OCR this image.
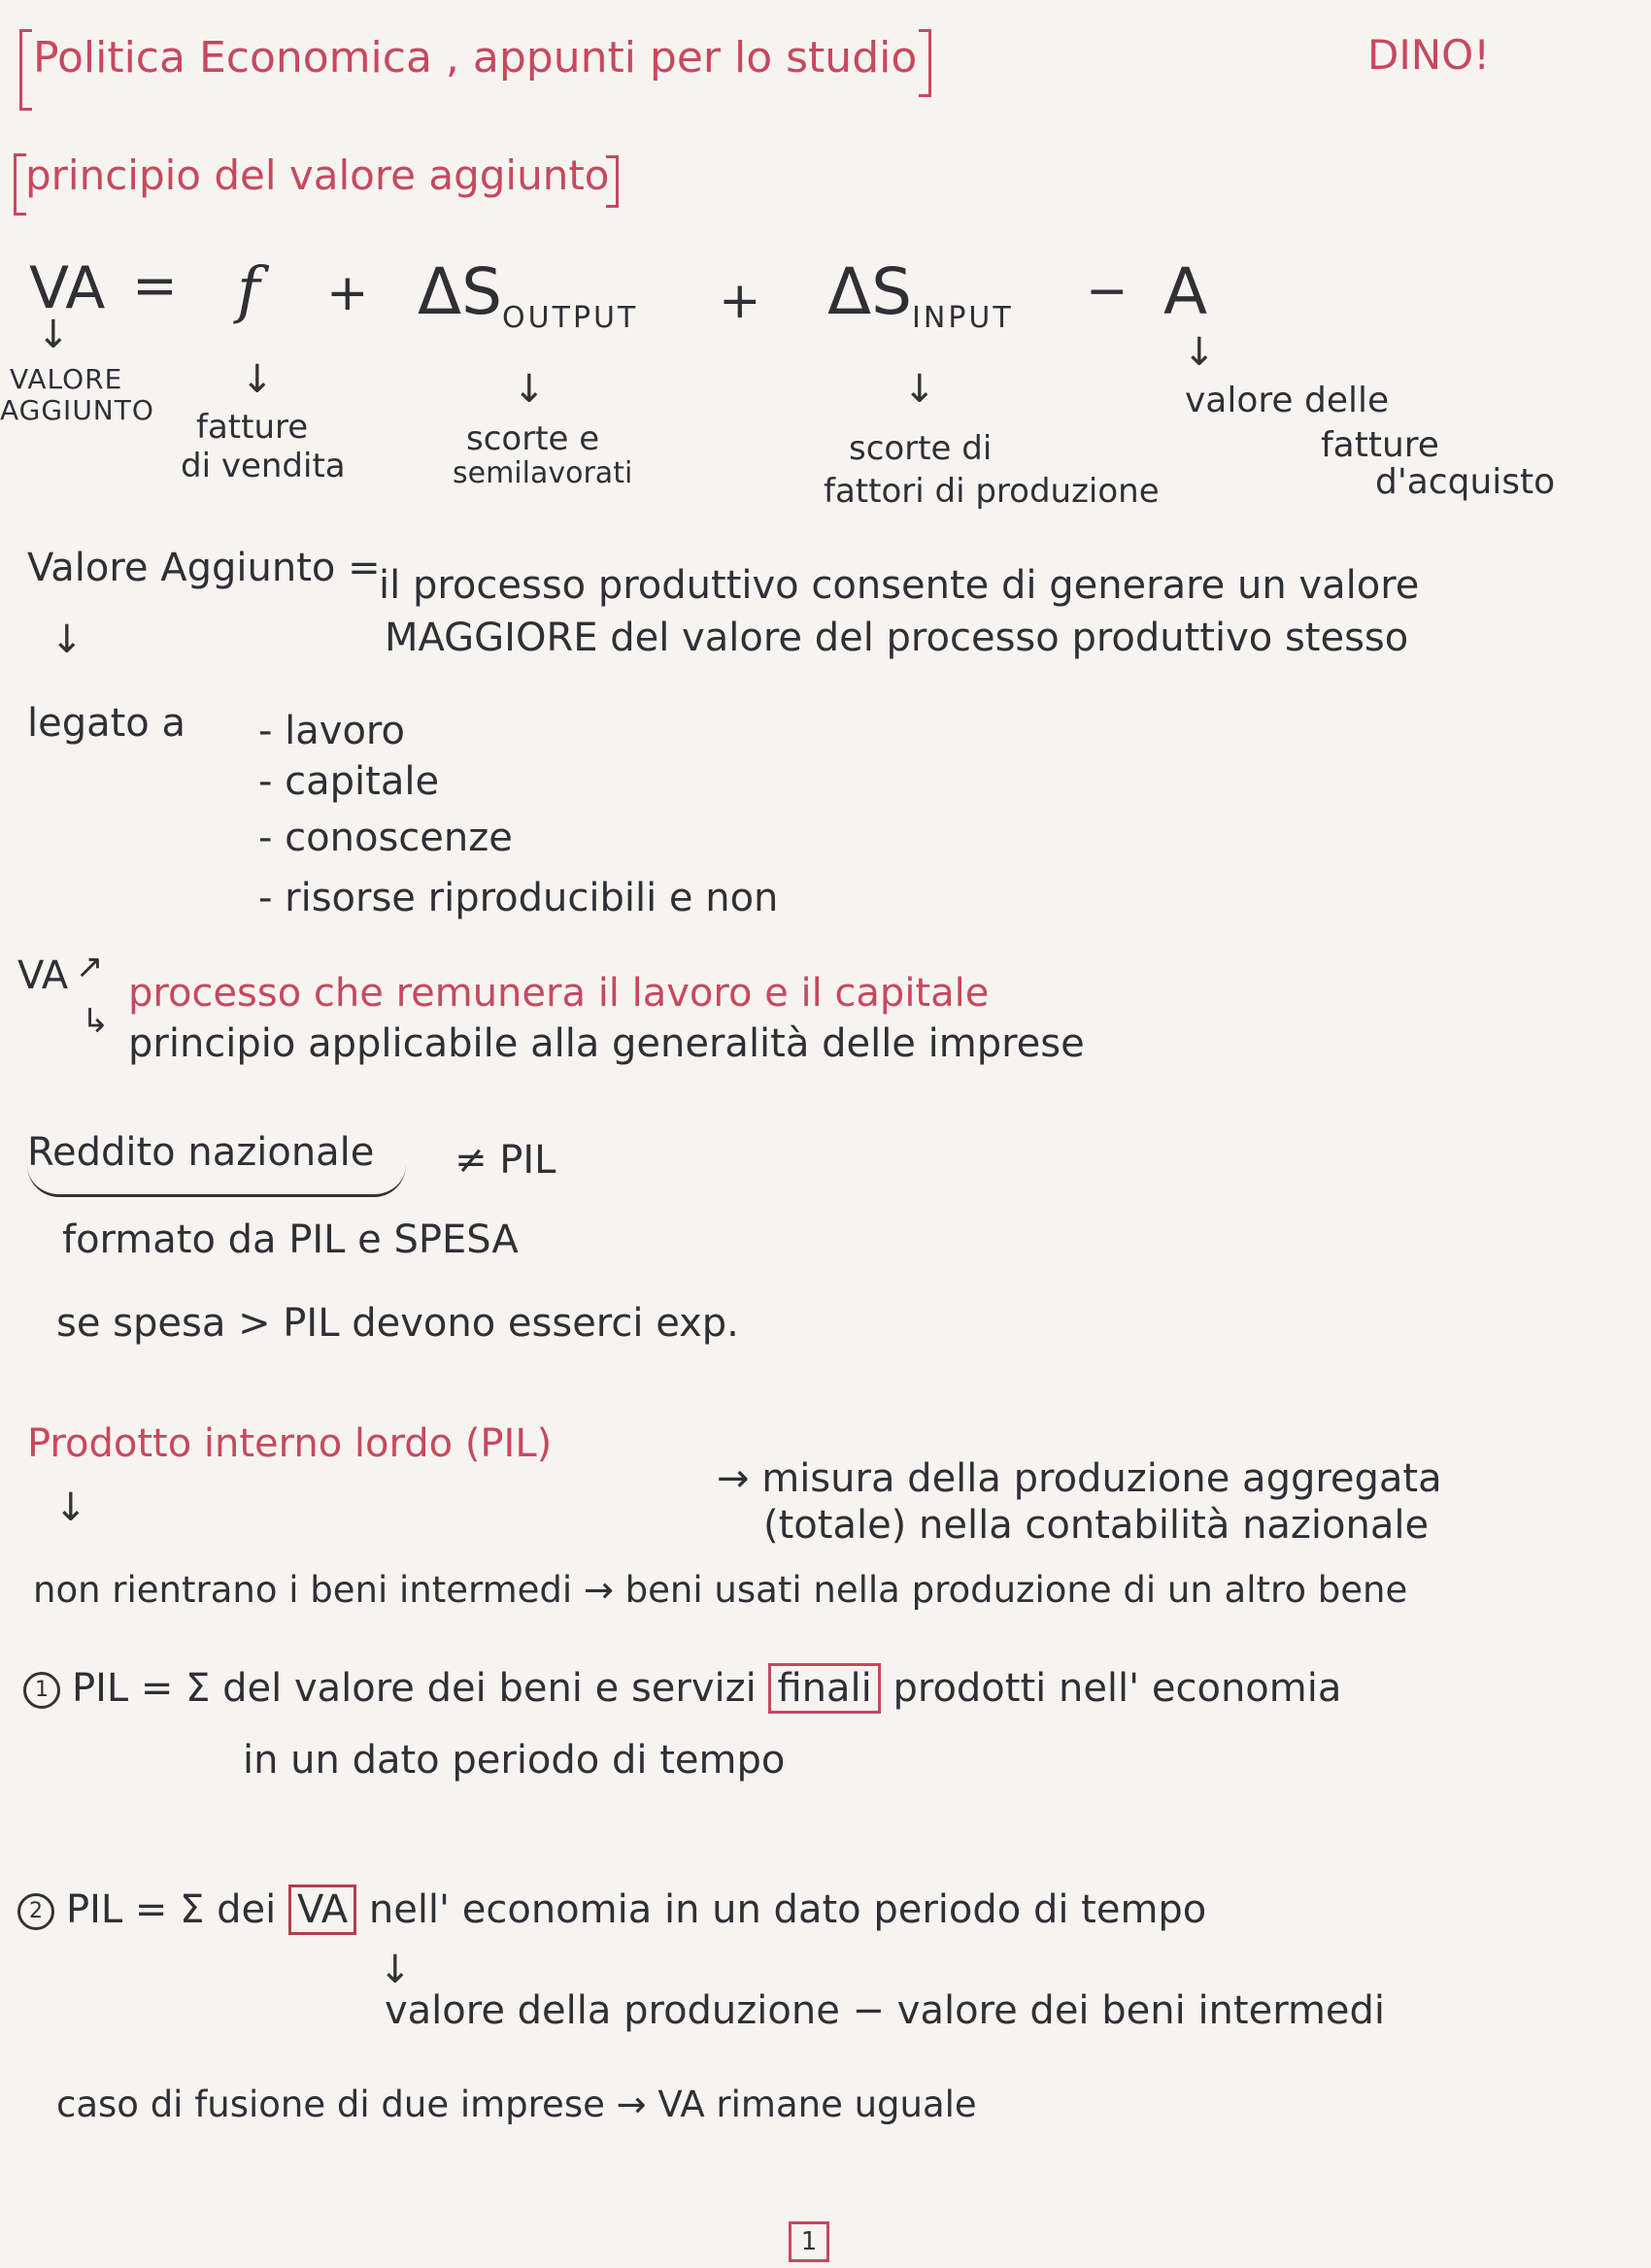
Politica Economica , appunti per lo studio	DINO!
principio del valore aggiunto
VA = $f + \Delta S_{OUTPUT} + \Delta S_{INPUT} - A$
↓
↓	↓	↓
↓
VALORE
AGGIUNTO fatture
di vendita
scorte e
semilavorati
scorte di
fattori di produzione
valore delle
fatture
d'acquisto
Valore Aggiunto =
il processo produttivo consente di generare un valore
MAGGIORE del valore del processo produttivo stesso
↓
legato a - lavoro
- capitale
- conoscenze
- risorse riproducibili e non
VA ↗
↳
processo che remunera il lavoro e il capitale
principio applicabile alla generalità delle imprese
Reddito nazionale ≠ PIL
formato da PIL e SPESA
se spesa > PIL devono esserci exp.
Prodotto interno lordo (PIL)
→ misura della produzione aggregata
(totale) nella contabilità nazionale
↓
non rientrano i beni intermedi → beni usati nella produzione di un altro bene
1 PIL = Σ del valore dei beni e servizi finali prodotti nell' economia
in un dato periodo di tempo
2 PIL = Σ dei VA nell' economia in un dato periodo di tempo
↓
valore della produzione − valore dei beni intermedi
caso di fusione di due imprese → VA rimane uguale
1
